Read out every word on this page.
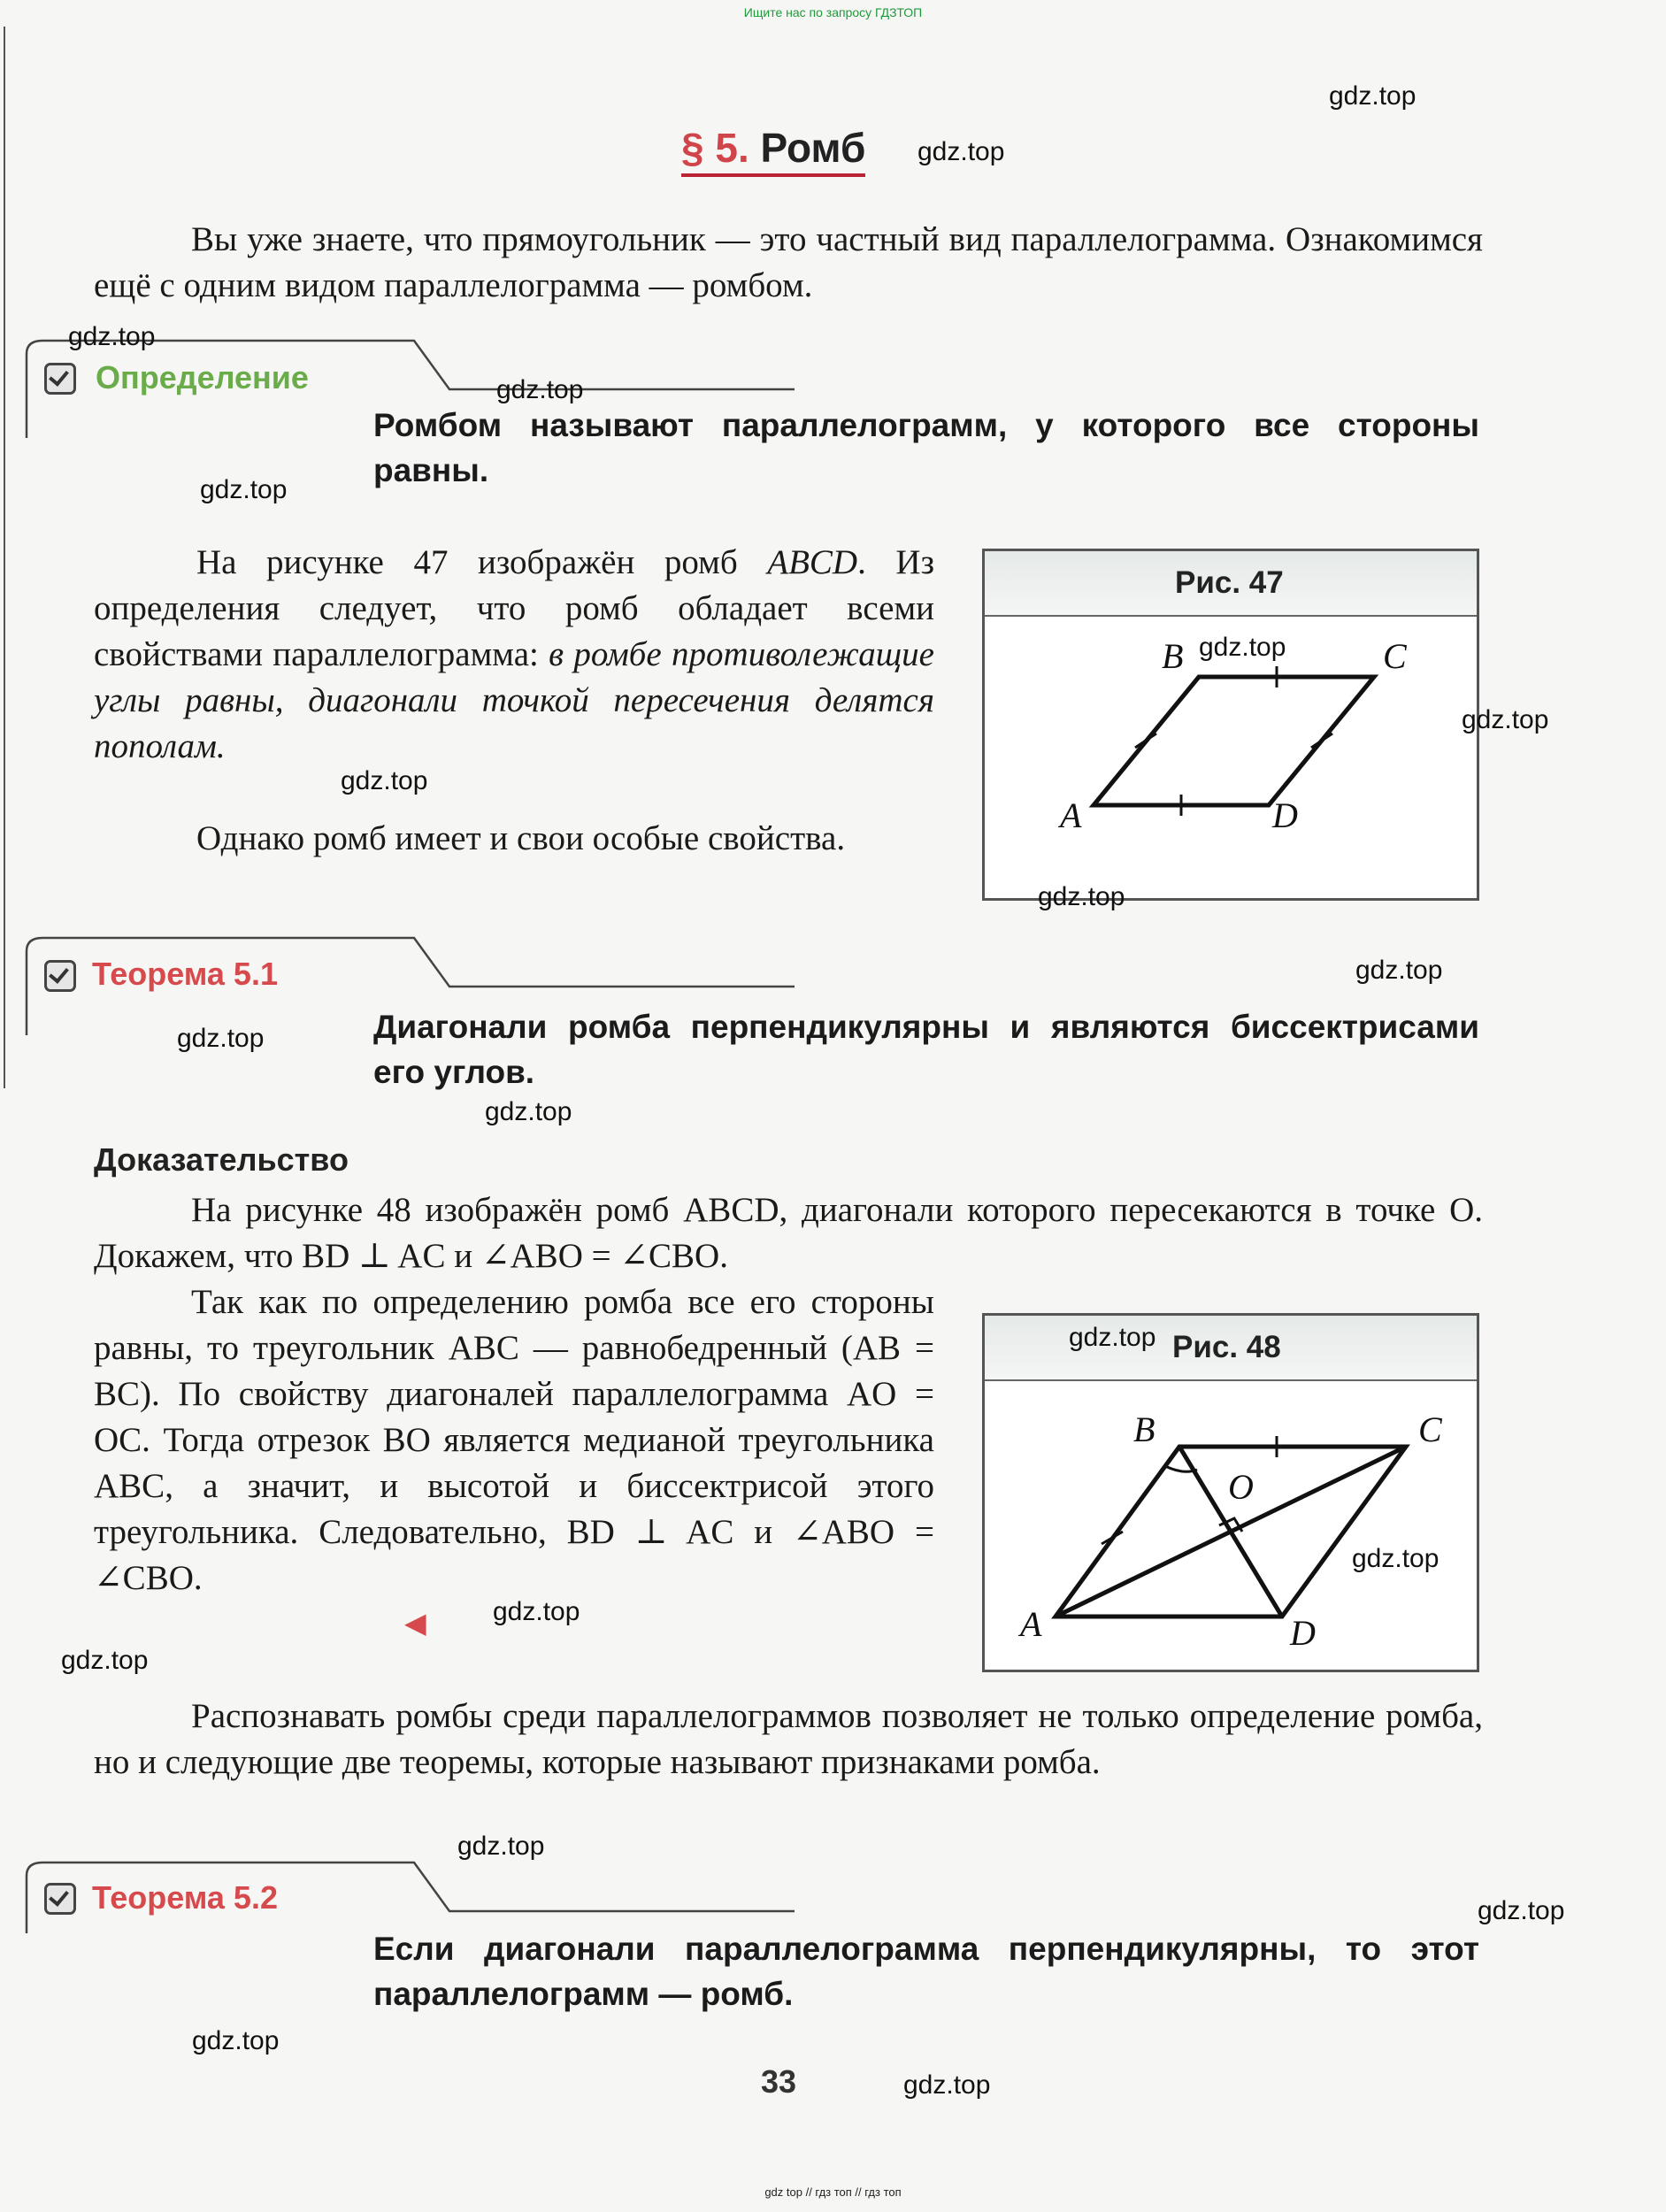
Ищите нас по запросу ГДЗТОП
gdz top // гдз топ // гдз топ
§ 5. Ромб
Вы уже знаете, что прямоугольник — это частный вид параллелограмма. Ознакомимся ещё с одним видом параллелограмма — ромбом.
Определение
Ромбом называют параллелограмм, у которого все стороны равны.
На рисунке 47 изображён ромб ABCD. Из определения следует, что ромб обладает всеми свойствами параллелограмма: в ромбе противолежащие углы равны, диагонали точкой пересечения делятся пополам.
Однако ромб имеет и свои особые свойства.
Рис. 47
A
B	C
D
Теорема 5.1
Диагонали ромба перпендикулярны и являются биссектрисами его углов.
Доказательство
На рисунке 48 изображён ромб ABCD, диагонали которого пересекаются в точке O. Докажем, что BD ⊥ AC и ∠ABO = ∠CBO.
Так как по определению ромба все его стороны равны, то треугольник ABC — равнобедренный (AB = BC). По свойству диагоналей параллелограмма AO = OC. Тогда отрезок BO является медианой треугольника ABC, а значит, и высотой и биссектрисой этого треугольника. Следовательно, BD ⊥ AC и ∠ABO = ∠CBO.
◀
Рис. 48
A
B	C
D
O
Распознавать ромбы среди параллелограммов позволяет не только определение ромба, но и следующие две теоремы, которые называют признаками ромба.
Теорема 5.2
Если диагонали параллелограмма перпендикулярны, то этот параллелограмм — ромб.
33
gdz.top
gdz.top
gdz.top
gdz.top
gdz.top
gdz.top
gdz.top
gdz.top
gdz.top
gdz.top
gdz.top
gdz.top
gdz.top
gdz.top
gdz.top
gdz.top
gdz.top
gdz.top
gdz.top
gdz.top
